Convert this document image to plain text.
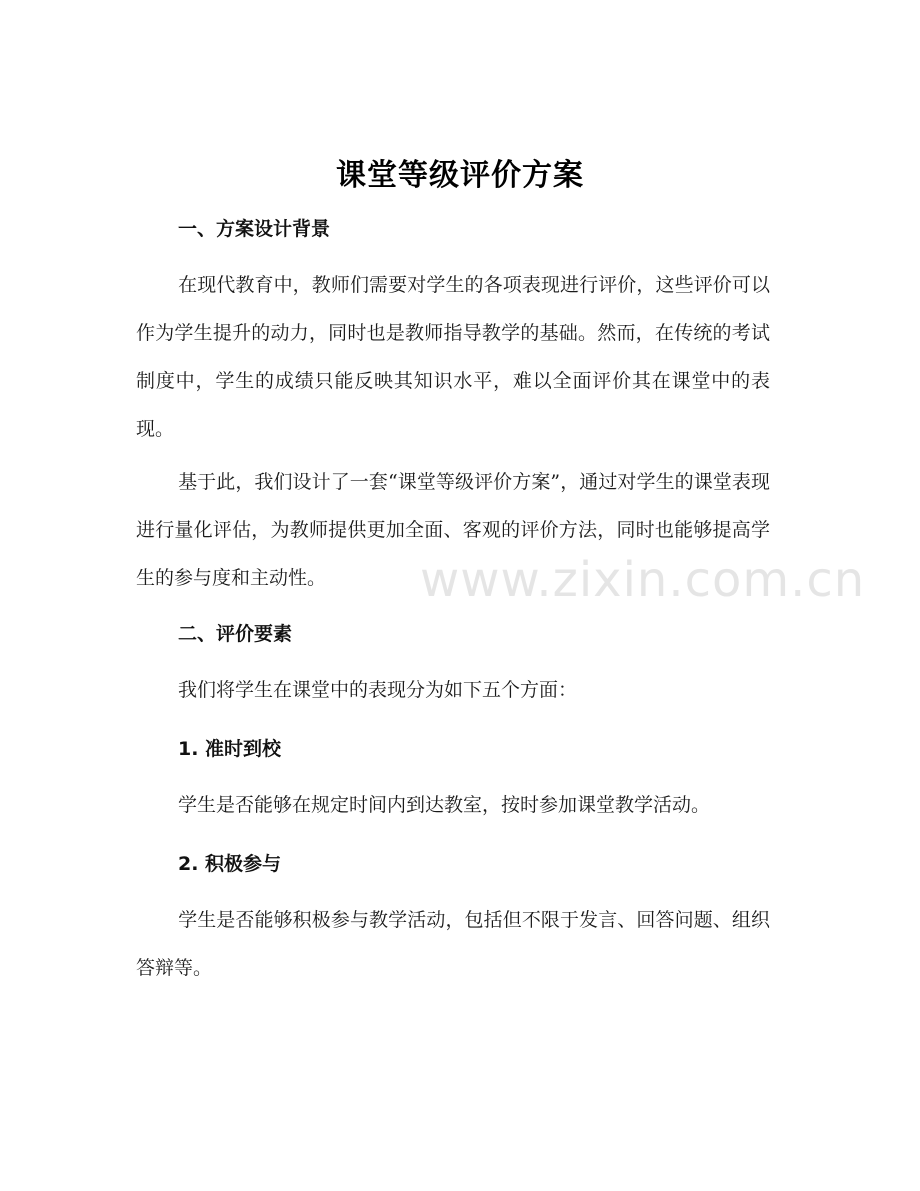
课堂等级评价方案
一、方案设计背景
在现代教育中，教师们需要对学生的各项表现进行评价，这些评价可以作为学生提升的动力，同时也是教师指导教学的基础。然而，在传统的考试制度中，学生的成绩只能反映其知识水平，难以全面评价其在课堂中的表现。
基于此，我们设计了一套“课堂等级评价方案”，通过对学生的课堂表现进行量化评估，为教师提供更加全面、客观的评价方法，同时也能够提高学生的参与度和主动性。
二、评价要素
我们将学生在课堂中的表现分为如下五个方面：
1. 准时到校
学生是否能够在规定时间内到达教室，按时参加课堂教学活动。
2. 积极参与
学生是否能够积极参与教学活动，包括但不限于发言、回答问题、组织答辩等。
www.zixin.com.cn
